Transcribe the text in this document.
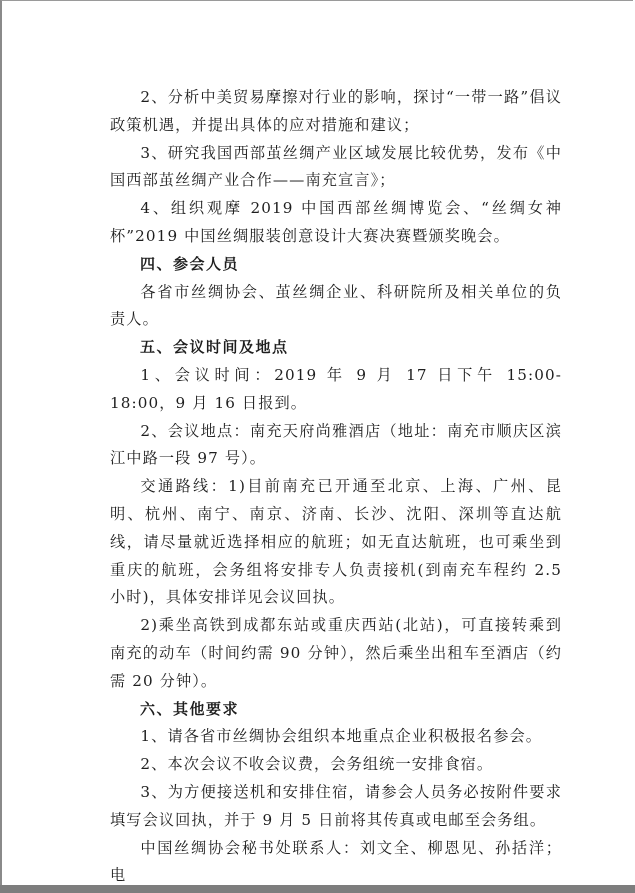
2、分析中美贸易摩擦对行业的影响，探讨“一带一路”倡议政策机遇，并提出具体的应对措施和建议；

3、研究我国西部茧丝绸产业区域发展比较优势，发布《中国西部茧丝绸产业合作——南充宣言》；

4、组织观摩 2019 中国西部丝绸博览会、“丝绸女神杯”2019 中国丝绸服装创意设计大赛决赛暨颁奖晚会。

四、参会人员

各省市丝绸协会、茧丝绸企业、科研院所及相关单位的负责人。

五、会议时间及地点

1、会议时间：2019 年 9 月 17 日下午 15:00-18:00，9 月 16 日报到。

2、会议地点：南充天府尚雅酒店（地址：南充市顺庆区滨江中路一段 97 号）。

交通路线：1)目前南充已开通至北京、上海、广州、昆明、杭州、南宁、南京、济南、长沙、沈阳、深圳等直达航线，请尽量就近选择相应的航班；如无直达航班，也可乘坐到重庆的航班，会务组将安排专人负责接机(到南充车程约 2.5 小时)，具体安排详见会议回执。

2)乘坐高铁到成都东站或重庆西站(北站)，可直接转乘到南充的动车（时间约需 90 分钟），然后乘坐出租车至酒店（约需 20 分钟）。

六、其他要求

1、请各省市丝绸协会组织本地重点企业积极报名参会。

2、本次会议不收会议费，会务组统一安排食宿。

3、为方便接送机和安排住宿，请参会人员务必按附件要求填写会议回执，并于 9 月 5 日前将其传真或电邮至会务组。

中国丝绸协会秘书处联系人：刘文全、柳恩见、孙括洋；电
